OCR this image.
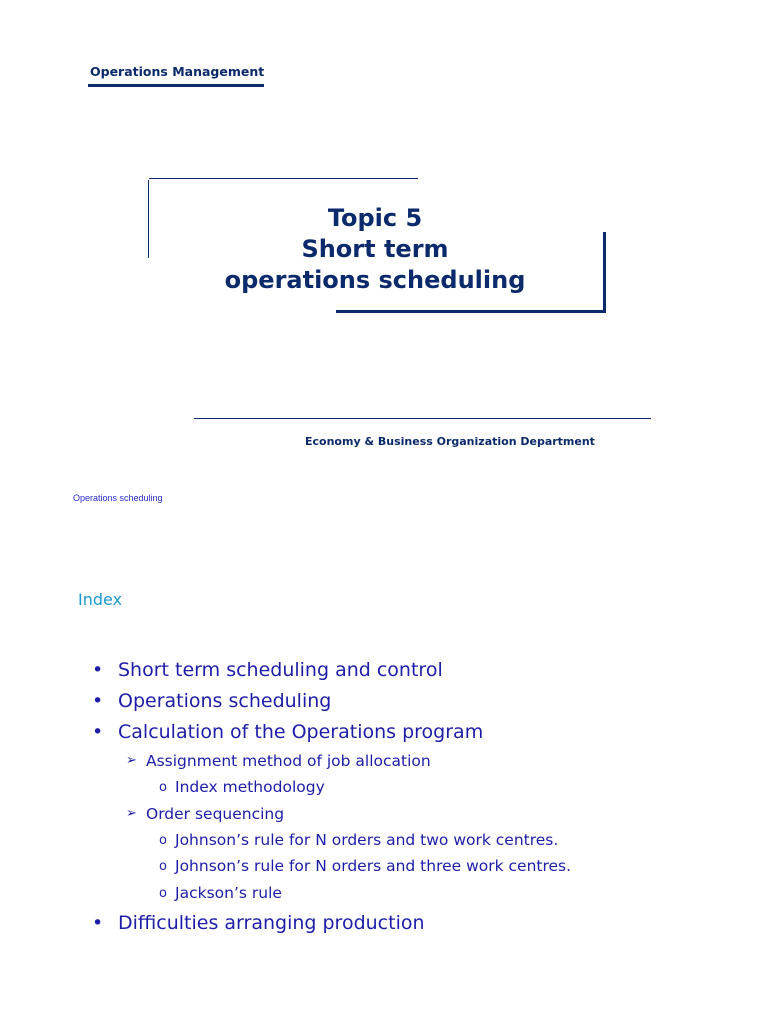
Operations Management
Topic 5
Short term
operations scheduling
Economy & Business Organization Department
Operations scheduling
Index
• Short term scheduling and control
• Operations scheduling
• Calculation of the Operations program
➢ Assignment method of job allocation
o Index methodology
➢ Order sequencing
o Johnson’s rule for N orders and two work centres.
o Johnson’s rule for N orders and three work centres.
o Jackson’s rule
• Difficulties arranging production
